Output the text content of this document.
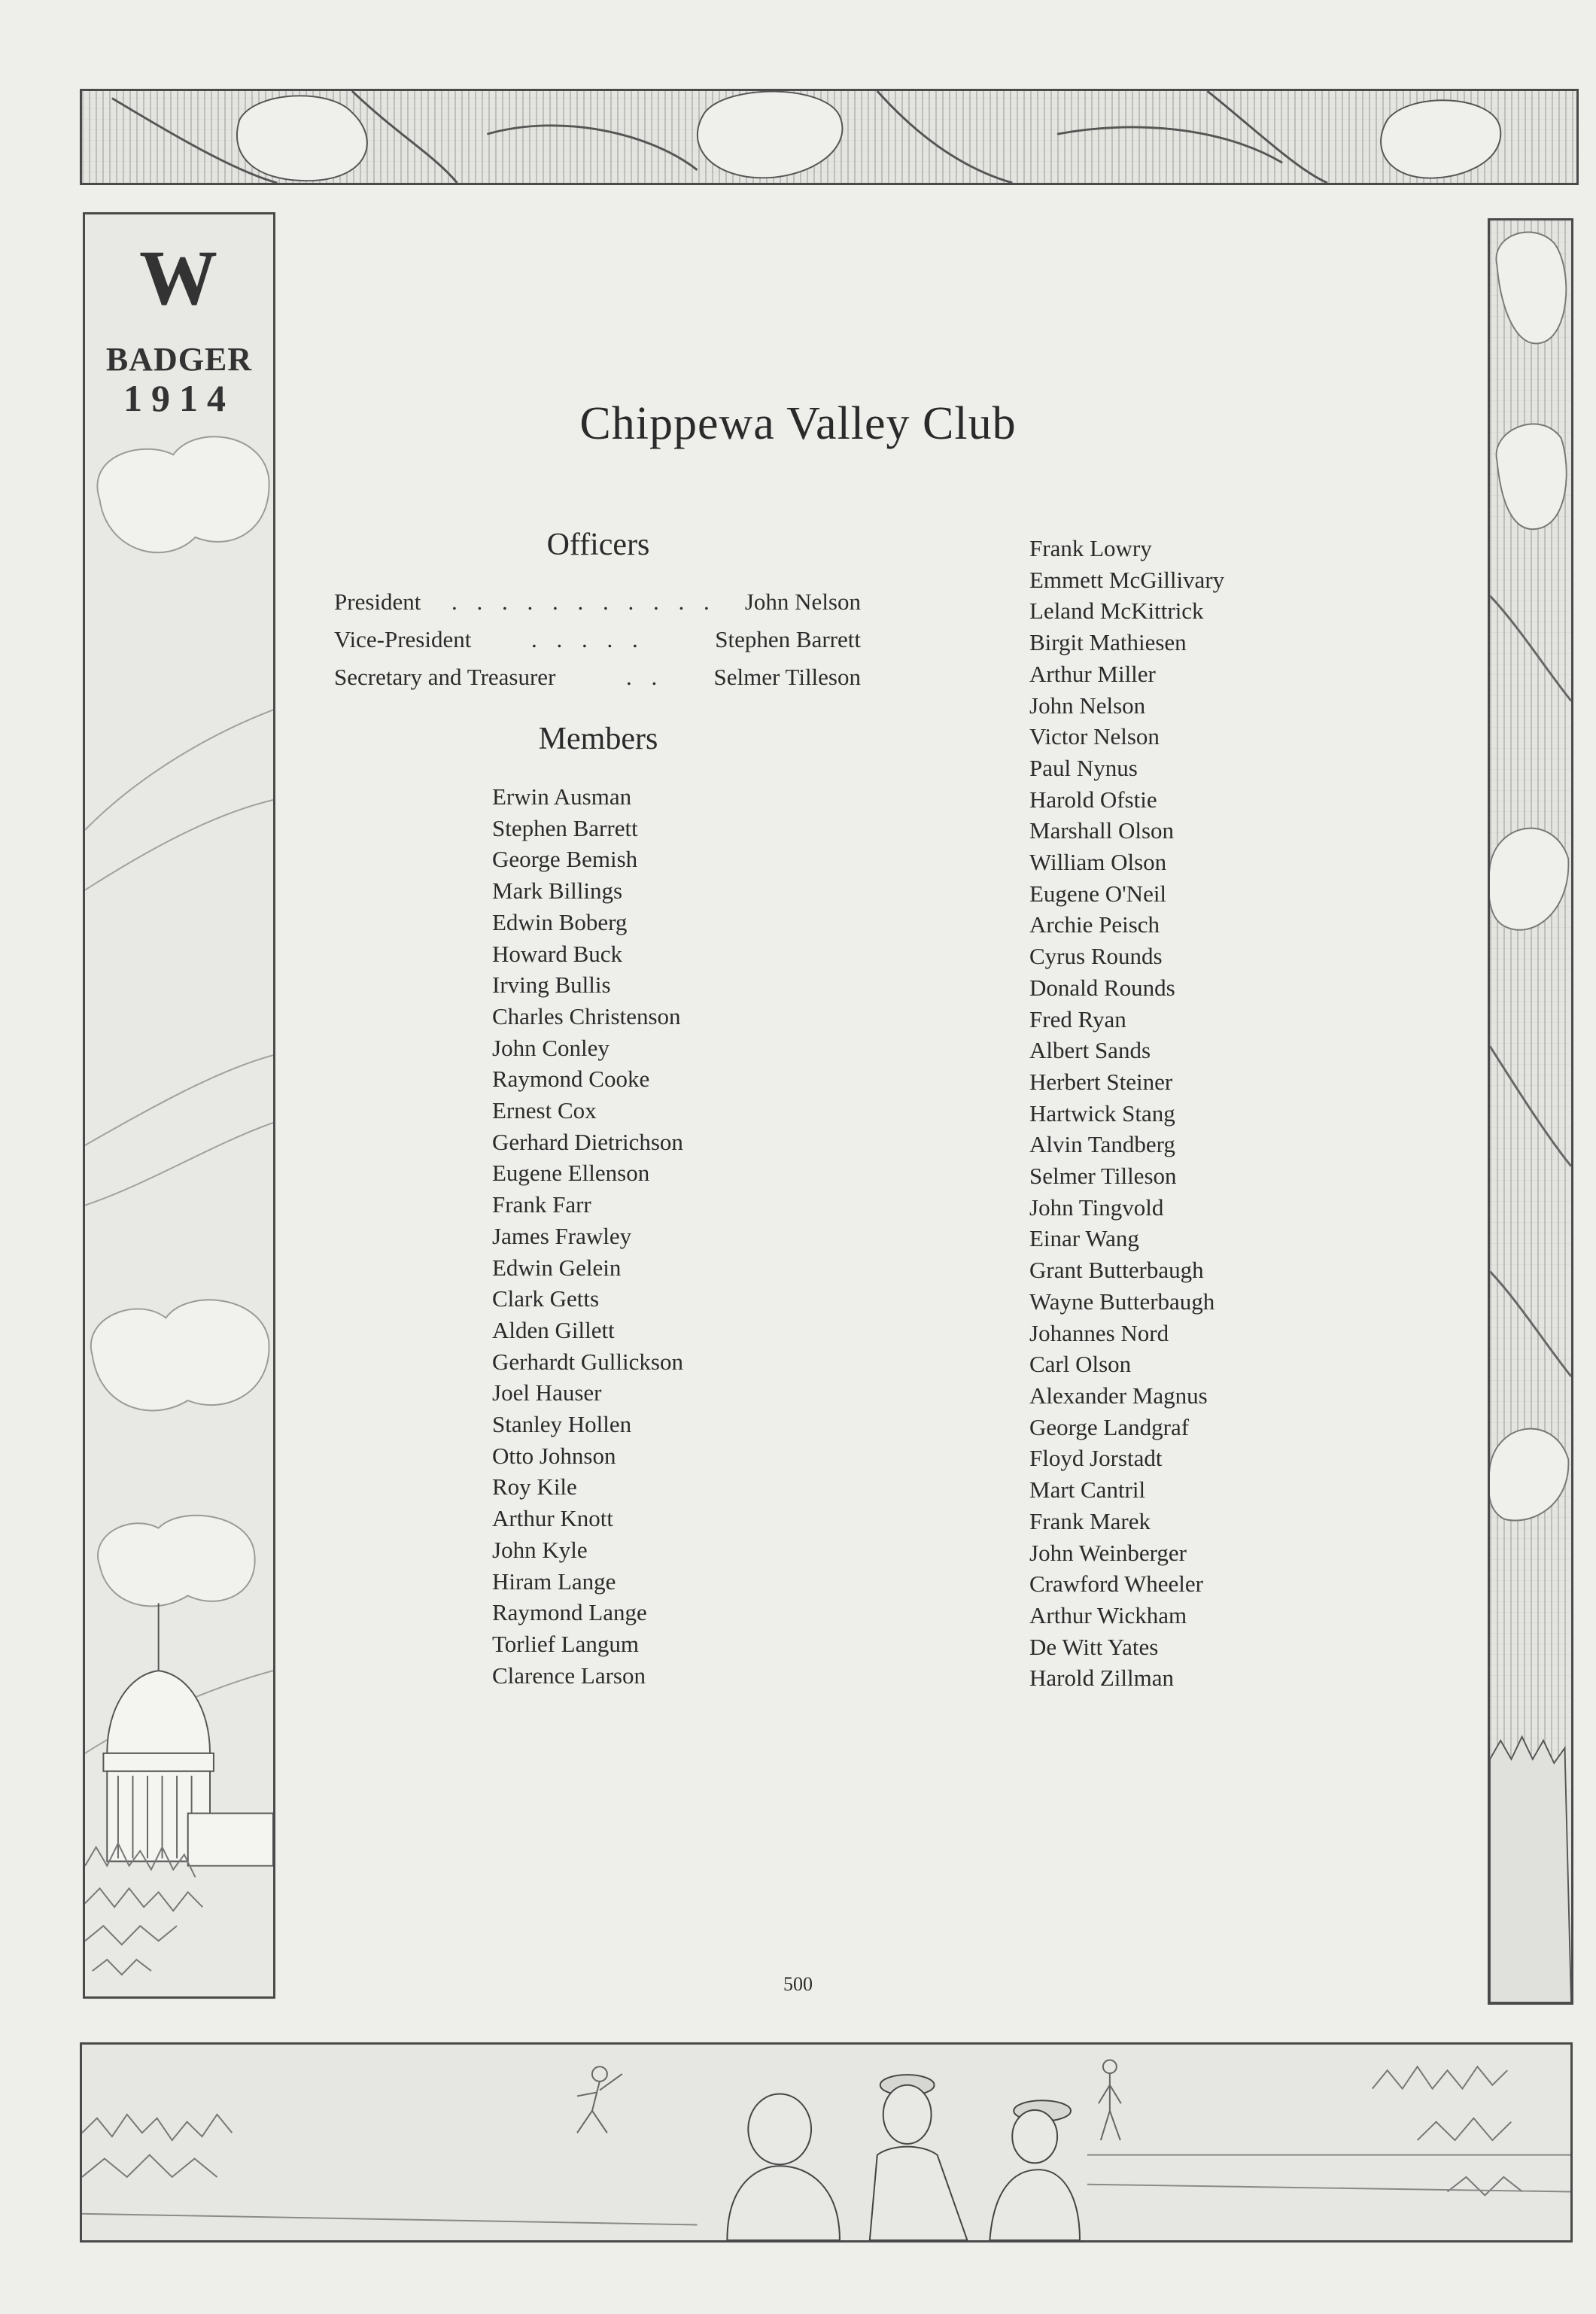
W
BADGER
1914	Chippewa Valley Club
Officers
President . . . . . . . . . . . John Nelson
Vice-President	. . . . .	Stephen Barrett
Secretary and Treasurer	. . Selmer Tilleson
Members
Erwin Ausman
Stephen Barrett
George Bemish
Mark Billings
Edwin Boberg
Howard Buck
Irving Bullis
Charles Christenson
John Conley
Raymond Cooke
Ernest Cox
Gerhard Dietrichson
Eugene Ellenson
Frank Farr
James Frawley
Edwin Gelein
Clark Getts
Alden Gillett
Gerhardt Gullickson
Joel Hauser
Stanley Hollen
Otto Johnson
Roy Kile
Arthur Knott
John Kyle
Hiram Lange
Raymond Lange
Torlief Langum
Clarence Larson
Frank Lowry
Emmett McGillivary
Leland McKittrick
Birgit Mathiesen
Arthur Miller
John Nelson
Victor Nelson
Paul Nynus
Harold Ofstie
Marshall Olson
William Olson
Eugene O'Neil
Archie Peisch
Cyrus Rounds
Donald Rounds
Fred Ryan
Albert Sands
Herbert Steiner
Hartwick Stang
Alvin Tandberg
Selmer Tilleson
John Tingvold
Einar Wang
Grant Butterbaugh
Wayne Butterbaugh
Johannes Nord
Carl Olson
Alexander Magnus
George Landgraf
Floyd Jorstadt
Mart Cantril
Frank Marek
John Weinberger
Crawford Wheeler
Arthur Wickham
De Witt Yates
Harold Zillman
500
